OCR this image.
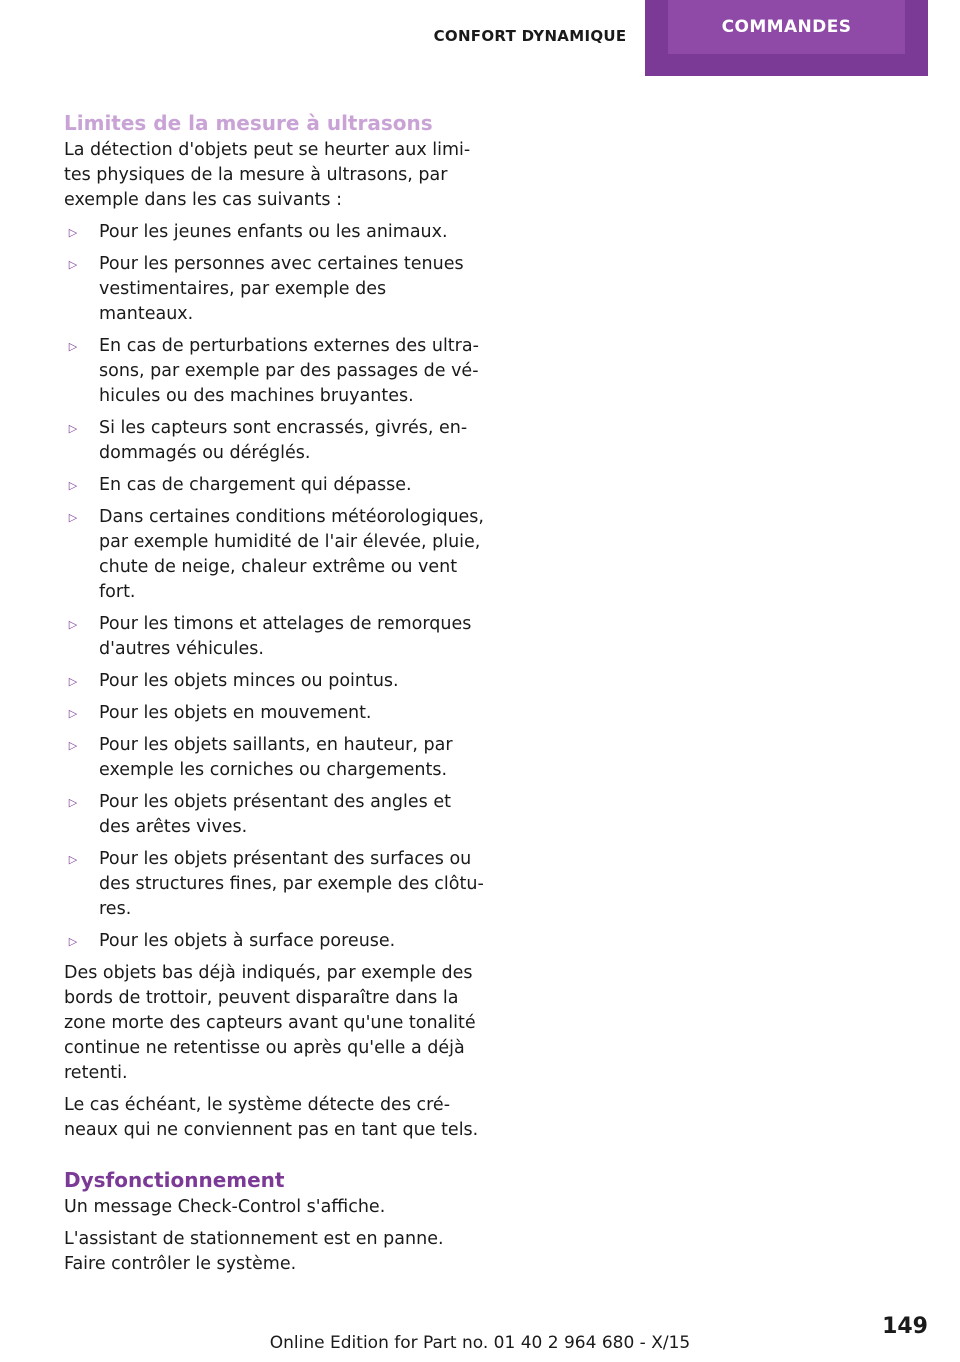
CONFORT DYNAMIQUE	COMMANDES
Limites de la mesure à ultrasons

La détection d'objets peut se heurter aux limi-tes physiques de la mesure à ultrasons, par exemple dans les cas suivants :

▷ Pour les jeunes enfants ou les animaux.
▷ Pour les personnes avec certaines tenues vestimentaires, par exemple des manteaux.
▷ En cas de perturbations externes des ultra-sons, par exemple par des passages de vé-hicules ou des machines bruyantes.
▷ Si les capteurs sont encrassés, givrés, en-dommagés ou déréglés.
▷ En cas de chargement qui dépasse.
▷ Dans certaines conditions météorologiques, par exemple humidité de l'air élevée, pluie, chute de neige, chaleur extrême ou vent fort.
▷ Pour les timons et attelages de remorques d'autres véhicules.
▷ Pour les objets minces ou pointus.
▷ Pour les objets en mouvement.
▷ Pour les objets saillants, en hauteur, par exemple les corniches ou chargements.
▷ Pour les objets présentant des angles et des arêtes vives.
▷ Pour les objets présentant des surfaces ou des structures fines, par exemple des clôtu-res.
▷ Pour les objets à surface poreuse.

Des objets bas déjà indiqués, par exemple des bords de trottoir, peuvent disparaître dans la zone morte des capteurs avant qu'une tonalité continue ne retentisse ou après qu'elle a déjà retenti.

Le cas échéant, le système détecte des cré-neaux qui ne conviennent pas en tant que tels.

Dysfonctionnement

Un message Check-Control s'affiche.

L'assistant de stationnement est en panne. Faire contrôler le système.

149
Online Edition for Part no. 01 40 2 964 680 - X/15
